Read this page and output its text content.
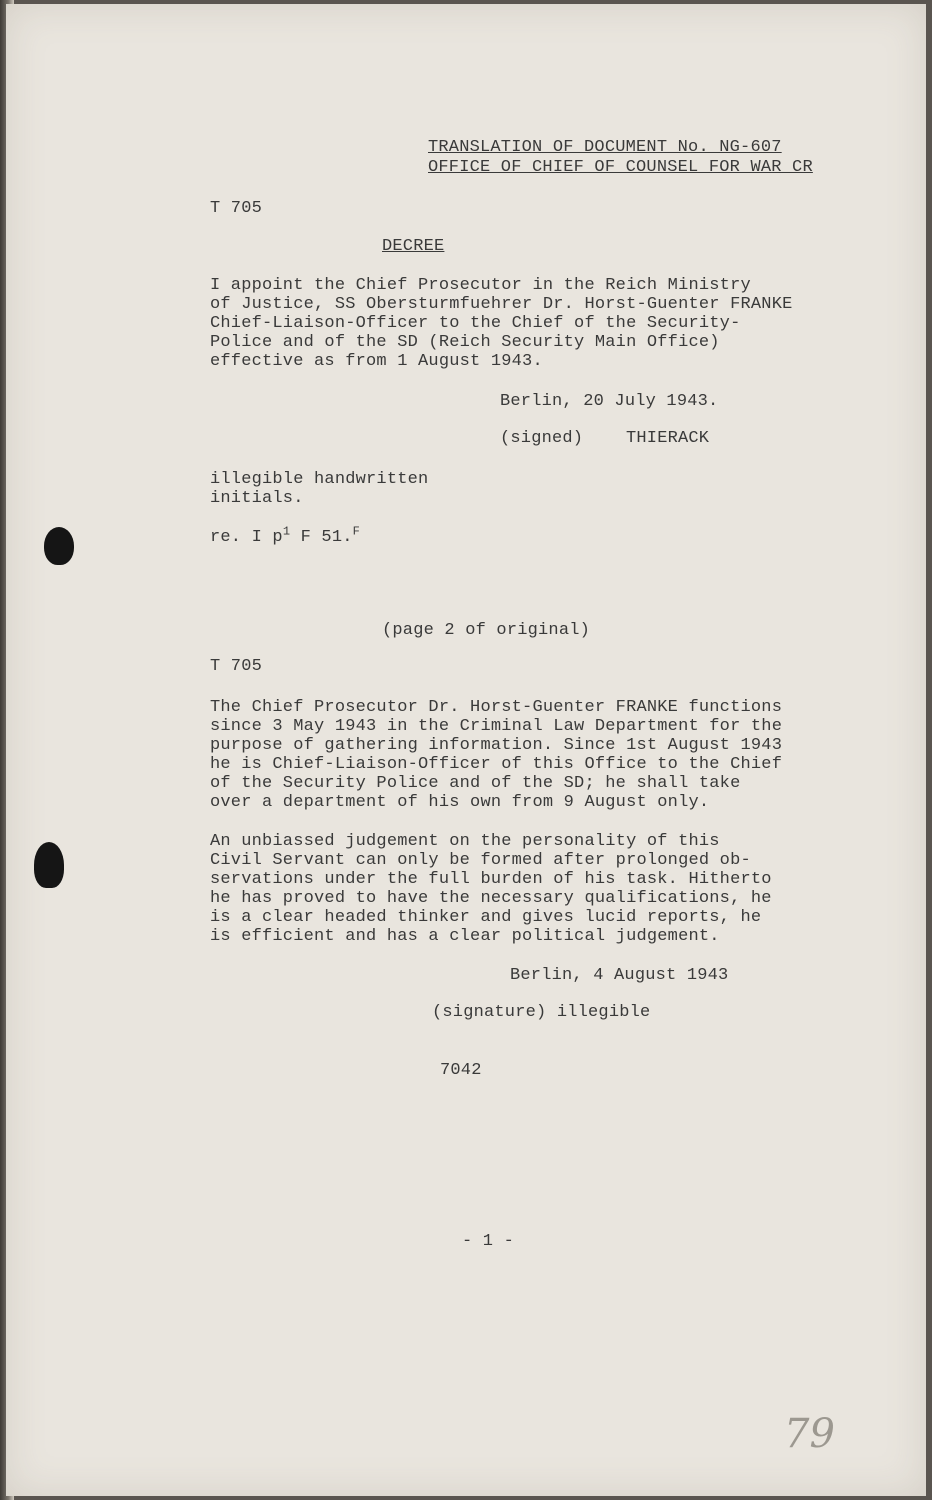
TRANSLATION OF DOCUMENT No. NG-607
OFFICE OF CHIEF OF COUNSEL FOR WAR CR
T 705
DECREE
I appoint the Chief Prosecutor in the Reich Ministry
of Justice, SS Obersturmfuehrer Dr. Horst-Guenter FRANKE
Chief-Liaison-Officer to the Chief of the Security-
Police and of the SD (Reich Security Main Office)
effective as from 1 August 1943.
Berlin, 20 July 1943.
(signed)	THIERACK
illegible handwritten
initials.
re. I $p^1$ F 51.$^F$
(page 2 of original)
T 705
The Chief Prosecutor Dr. Horst-Guenter FRANKE functions
since 3 May 1943 in the Criminal Law Department for the
purpose of gathering information. Since 1st August 1943
he is Chief-Liaison-Officer of this Office to the Chief
of the Security Police and of the SD; he shall take
over a department of his own from 9 August only.
An unbiassed judgement on the personality of this
Civil Servant can only be formed after prolonged ob-
servations under the full burden of his task. Hitherto
he has proved to have the necessary qualifications, he
is a clear headed thinker and gives lucid reports, he
is efficient and has a clear political judgement.
Berlin, 4 August 1943
(signature) illegible
7042
- 1 -
79
